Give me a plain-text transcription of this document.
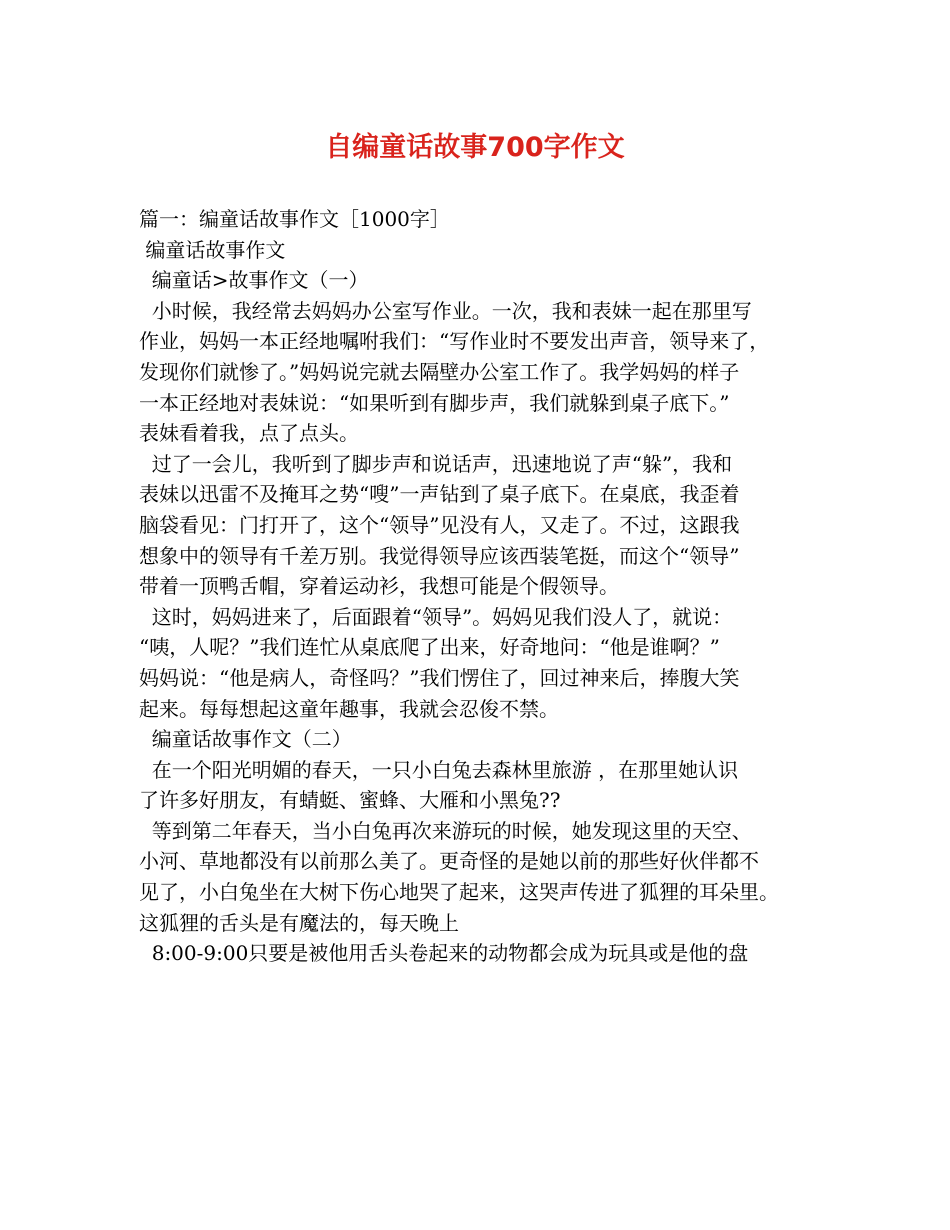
自编童话故事700字作文
篇一：编童话故事作文［1000字］
编童话故事作文
编童话>故事作文（一）
小时候，我经常去妈妈办公室写作业。一次，我和表妹一起在那里写
作业，妈妈一本正经地嘱咐我们：“写作业时不要发出声音，领导来了，
发现你们就惨了。”妈妈说完就去隔壁办公室工作了。我学妈妈的样子
一本正经地对表妹说：“如果听到有脚步声，我们就躲到桌子底下。”
表妹看着我，点了点头。
过了一会儿，我听到了脚步声和说话声，迅速地说了声“躲”，我和
表妹以迅雷不及掩耳之势“嗖”一声钻到了桌子底下。在桌底，我歪着
脑袋看见：门打开了，这个“领导”见没有人，又走了。不过，这跟我
想象中的领导有千差万别。我觉得领导应该西装笔挺，而这个“领导”
带着一顶鸭舌帽，穿着运动衫，我想可能是个假领导。
这时，妈妈进来了，后面跟着“领导”。妈妈见我们没人了，就说：
“咦，人呢？”我们连忙从桌底爬了出来，好奇地问：“他是谁啊？”
妈妈说：“他是病人，奇怪吗？”我们愣住了，回过神来后，捧腹大笑
起来。每每想起这童年趣事，我就会忍俊不禁。
编童话故事作文（二）
在一个阳光明媚的春天，一只小白兔去森林里旅游 ，在那里她认识
了许多好朋友，有蜻蜓、蜜蜂、大雁和小黑兔??
等到第二年春天，当小白兔再次来游玩的时候，她发现这里的天空、
小河、草地都没有以前那么美了。更奇怪的是她以前的那些好伙伴都不
见了，小白兔坐在大树下伤心地哭了起来，这哭声传进了狐狸的耳朵里。
这狐狸的舌头是有魔法的，每天晚上
8:00-9:00只要是被他用舌头卷起来的动物都会成为玩具或是他的盘
